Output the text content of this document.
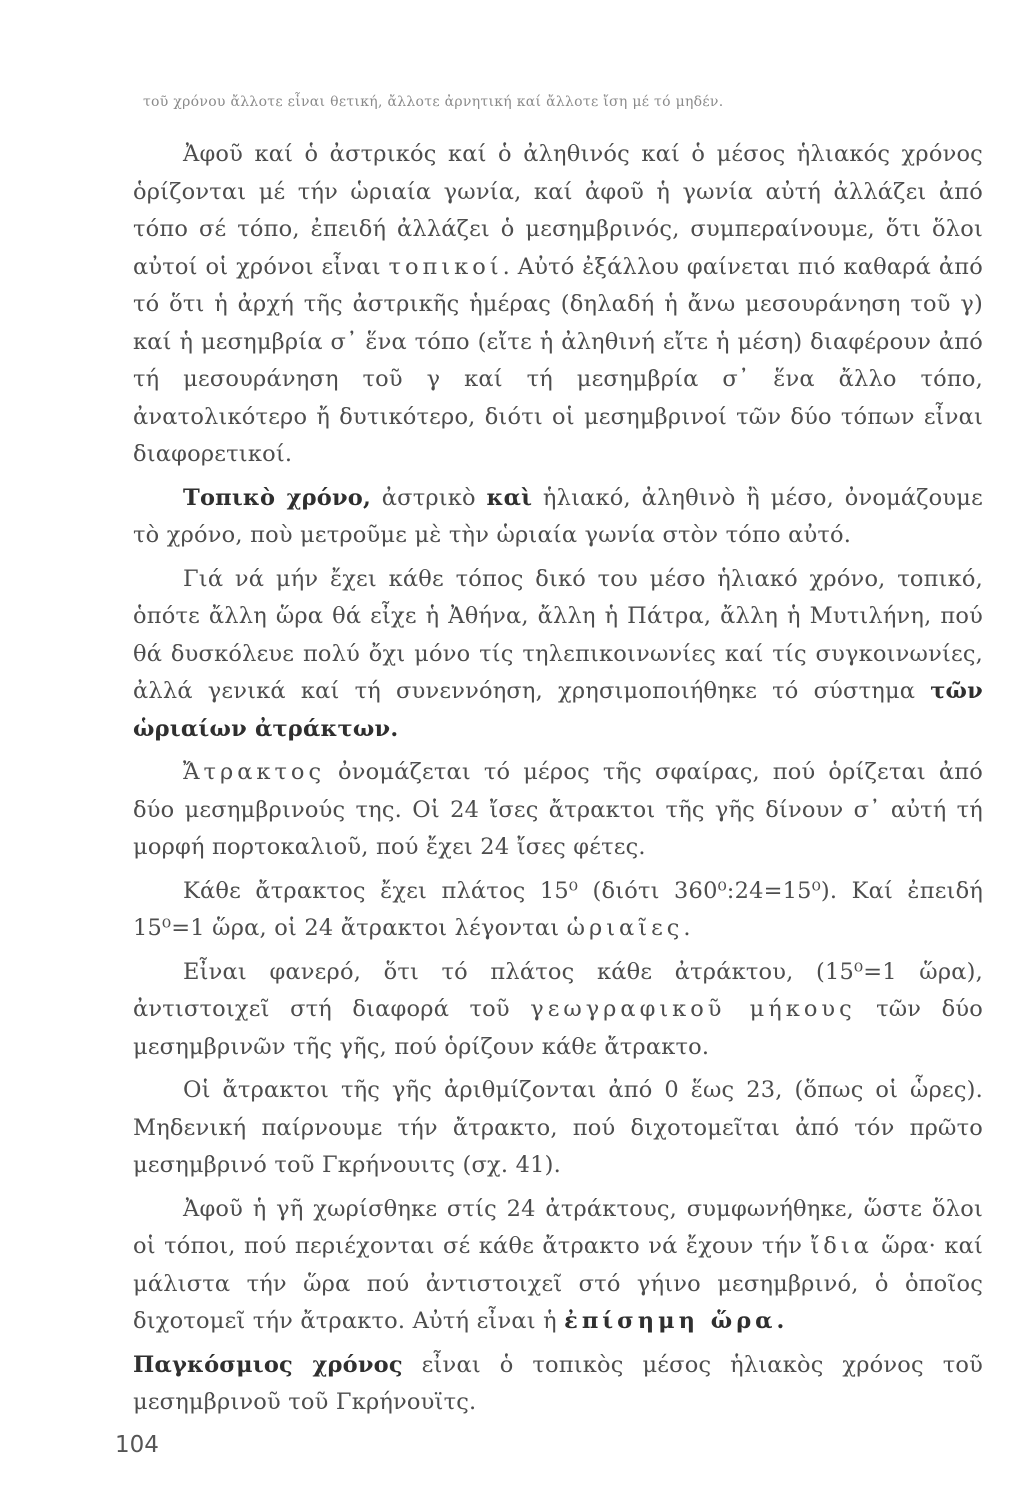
τοῦ χρόνου ἄλλοτε εἶναι θετική, ἄλλοτε ἀρνητική καί ἄλλοτε ἴση μέ τό μηδέν.

Ἀφοῦ καί ὁ ἀστρικός καί ὁ ἀληθινός καί ὁ μέσος ἡλιακός χρόνος ὁρίζονται μέ τήν ὡριαία γωνία, καί ἀφοῦ ἡ γωνία αὐτή ἀλλάζει ἀπό τόπο σέ τόπο, ἐπειδή ἀλλάζει ὁ μεσημβρινός, συμπεραίνουμε, ὅτι ὅλοι αὐτοί οἱ χρόνοι εἶναι τοπικοί. Αὐτό ἐξάλλου φαίνεται πιό καθαρά ἀπό τό ὅτι ἡ ἀρχή τῆς ἀστρικῆς ἡμέρας (δηλαδή ἡ ἄνω μεσουράνηση τοῦ γ) καί ἡ μεσημβρία σ᾽ ἕνα τόπο (εἴτε ἡ ἀληθινή εἴτε ἡ μέση) διαφέρουν ἀπό τή μεσουράνηση τοῦ γ καί τή μεσημβρία σ᾽ ἕνα ἄλλο τόπο, ἀνατολικότερο ἤ δυτικότερο, διότι οἱ μεσημβρινοί τῶν δύο τόπων εἶναι διαφορετικοί.

Τοπικὸ χρόνο, ἀστρικὸ καὶ ἡλιακό, ἀληθινὸ ἢ μέσο, ὀνομάζουμε τὸ χρόνο, ποὺ μετροῦμε μὲ τὴν ὡριαία γωνία στὸν τόπο αὐτό.

Γιά νά μήν ἔχει κάθε τόπος δικό του μέσο ἡλιακό χρόνο, τοπικό, ὁπότε ἄλλη ὥρα θά εἶχε ἡ Ἀθήνα, ἄλλη ἡ Πάτρα, ἄλλη ἡ Μυτιλήνη, πού θά δυσκόλευε πολύ ὄχι μόνο τίς τηλεπικοινωνίες καί τίς συγκοινωνίες, ἀλλά γενικά καί τή συνεννόηση, χρησιμοποιήθηκε τό σύστημα τῶν ὡριαίων ἀτράκτων.

Ἄτρακτος ὀνομάζεται τό μέρος τῆς σφαίρας, πού ὁρίζεται ἀπό δύο μεσημβρινούς της. Οἱ 24 ἴσες ἄτρακτοι τῆς γῆς δίνουν σ᾽ αὐτή τή μορφή πορτοκαλιοῦ, πού ἔχει 24 ἴσες φέτες.

Κάθε ἄτρακτος ἔχει πλάτος 15⁰ (διότι 360⁰:24=15⁰). Καί ἐπειδή 15⁰=1 ὥρα, οἱ 24 ἄτρακτοι λέγονται ὡριαῖες.

Εἶναι φανερό, ὅτι τό πλάτος κάθε ἀτράκτου, (15⁰=1 ὥρα), ἀντιστοιχεῖ στή διαφορά τοῦ γεωγραφικοῦ μήκους τῶν δύο μεσημβρινῶν τῆς γῆς, πού ὁρίζουν κάθε ἄτρακτο.

Οἱ ἄτρακτοι τῆς γῆς ἀριθμίζονται ἀπό 0 ἕως 23, (ὅπως οἱ ὧρες). Μηδενική παίρνουμε τήν ἄτρακτο, πού διχοτομεῖται ἀπό τόν πρῶτο μεσημβρινό τοῦ Γκρήνουιτς (σχ. 41).

Ἀφοῦ ἡ γῆ χωρίσθηκε στίς 24 ἀτράκτους, συμφωνήθηκε, ὥστε ὅλοι οἱ τόποι, πού περιέχονται σέ κάθε ἄτρακτο νά ἔχουν τήν ἴδια ὥρα· καί μάλιστα τήν ὥρα πού ἀντιστοιχεῖ στό γήινο μεσημβρινό, ὁ ὁποῖος διχοτομεῖ τήν ἄτρακτο. Αὐτή εἶναι ἡ ἐπίσημη ὥρα.

Παγκόσμιος χρόνος εἶναι ὁ τοπικὸς μέσος ἡλιακὸς χρόνος τοῦ μεσημβρινοῦ τοῦ Γκρήνουϊτς.

104
